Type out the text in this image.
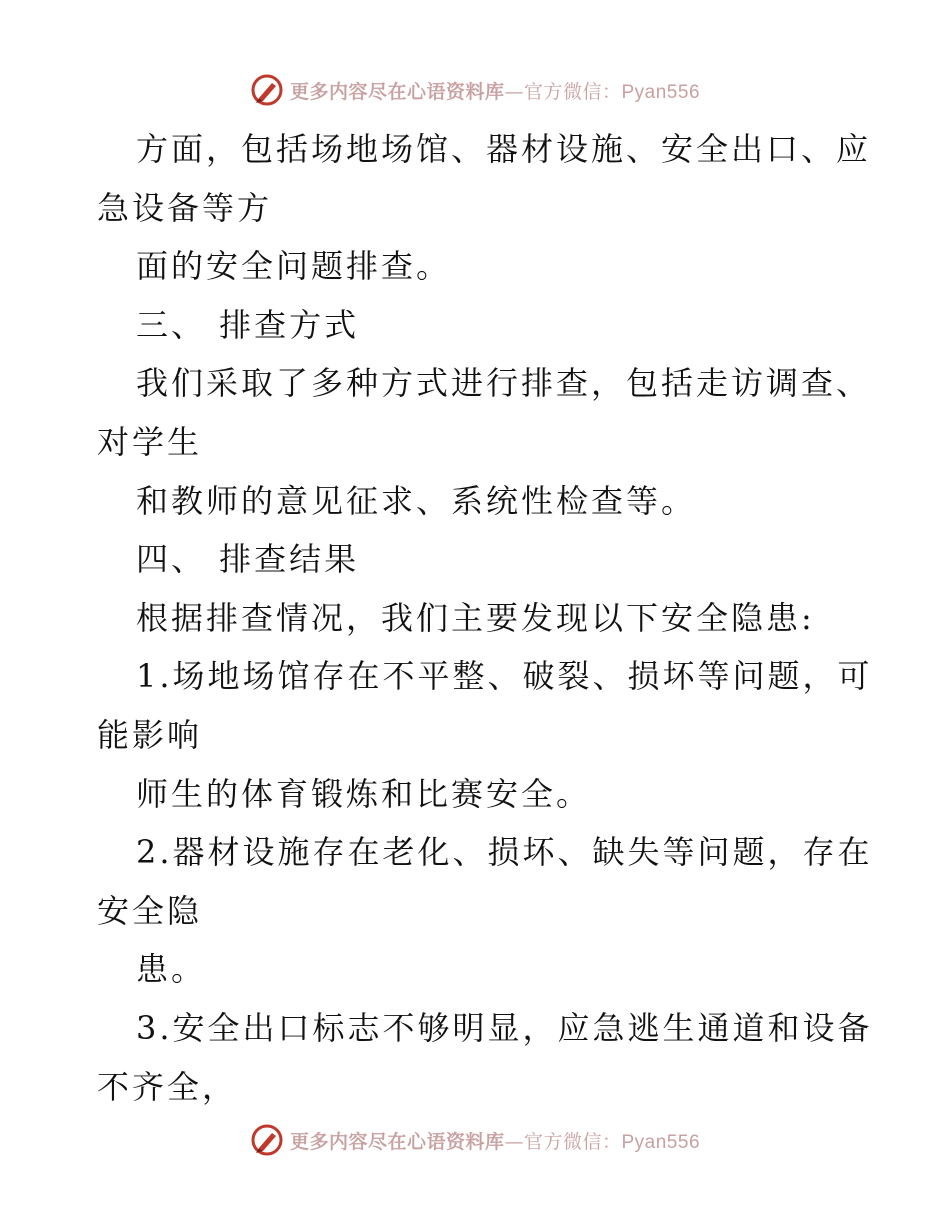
更多内容尽在心语资料库—官方微信：Pyan556
方面，包括场地场馆、器材设施、安全出口、应
急设备等方
面的安全问题排查。
三、 排查方式
我们采取了多种方式进行排查，包括走访调查、
对学生
和教师的意见征求、系统性检查等。
四、 排查结果
根据排查情况，我们主要发现以下安全隐患:
1.场地场馆存在不平整、破裂、损坏等问题，可
能影响
师生的体育锻炼和比赛安全。
2.器材设施存在老化、损坏、缺失等问题，存在
安全隐
患。
3.安全出口标志不够明显，应急逃生通道和设备
不齐全，
更多内容尽在心语资料库—官方微信：Pyan556
